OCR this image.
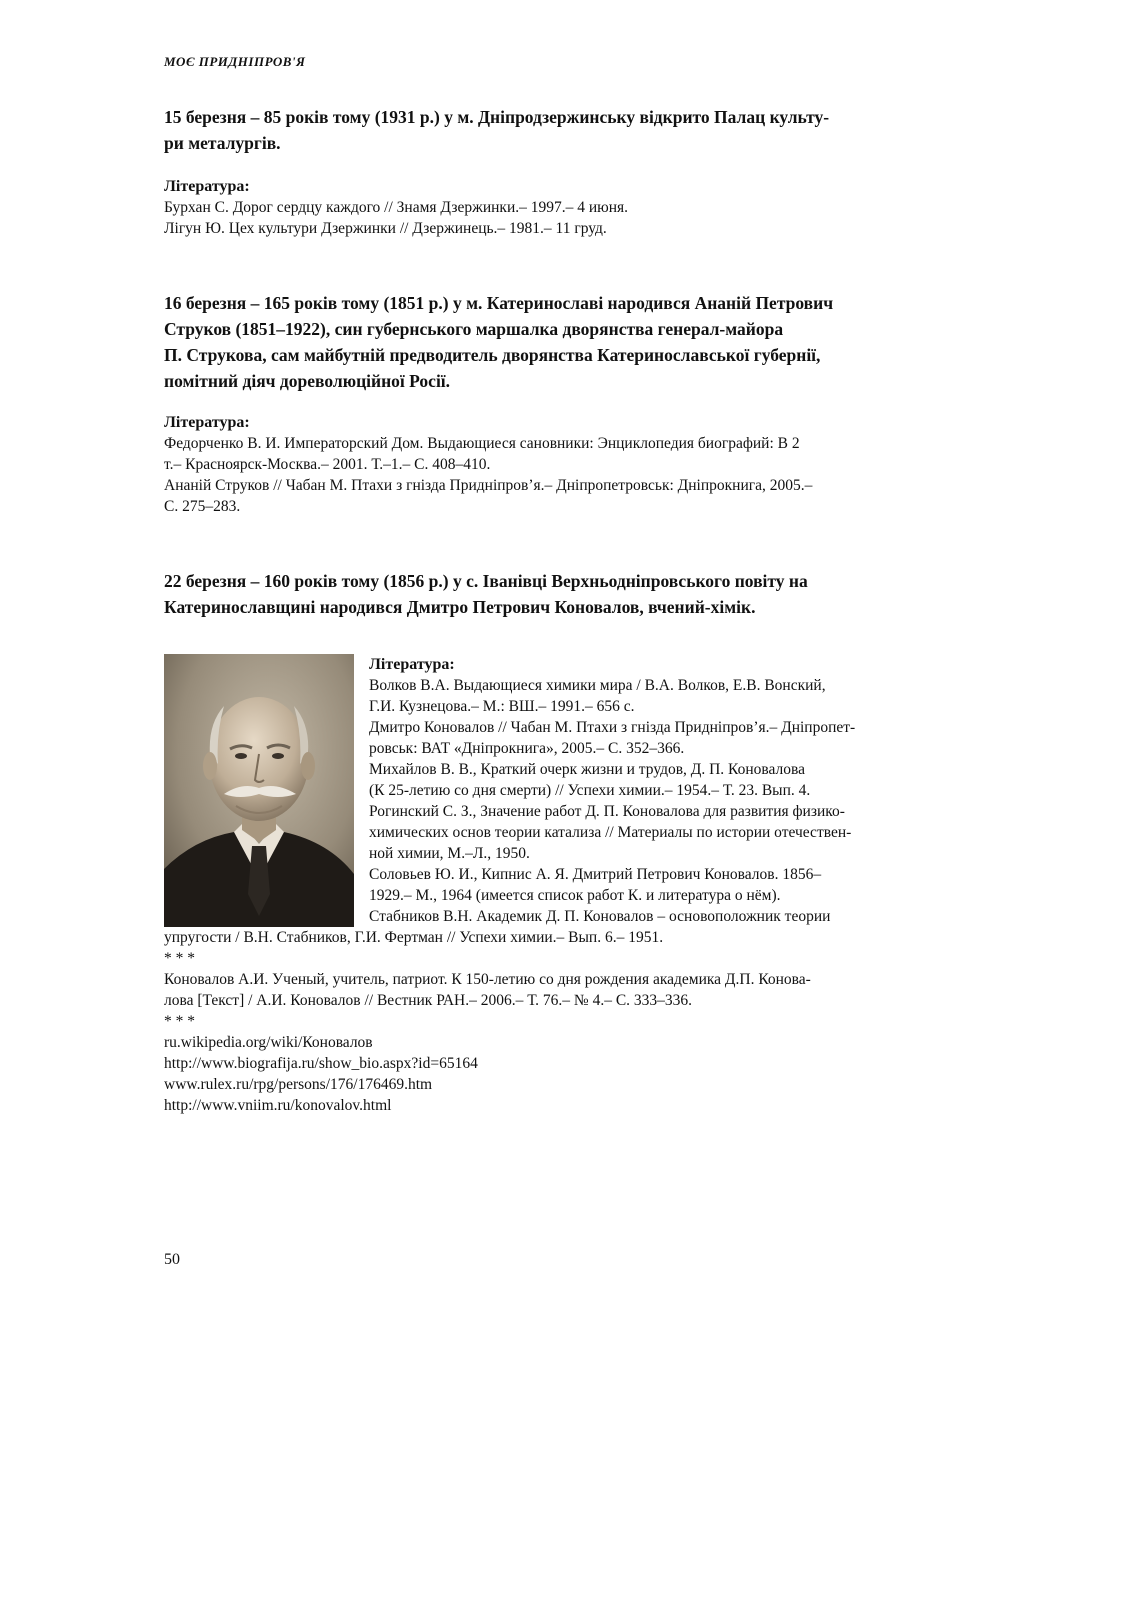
МОЄ ПРИДНІПРОВ'Я
15 березня – 85 років тому (1931 р.) у м. Дніпродзержинську відкрито Палац культу-
ри металургів.
Література:
Бурхан С. Дорог сердцу каждого // Знамя Дзержинки.– 1997.– 4 июня.
Лігун Ю. Цех культури Дзержинки // Дзержинець.– 1981.– 11 груд.
16 березня – 165 років тому (1851 р.) у м. Катеринославі народився Ананій Петрович
Струков (1851–1922), син губернського маршалка дворянства генерал-майора
П. Струкова, сам майбутній предводитель дворянства Катеринославської губернії,
помітний діяч дореволюційної Росії.
Література:
Федорченко В. И. Императорский Дом. Выдающиеся сановники: Энциклопедия биографий: В 2
т.– Красноярск-Москва.– 2001. Т.–1.– С. 408–410.
Ананій Струков // Чабан М. Птахи з гнізда Придніпров’я.– Дніпропетровськ: Дніпрокнига, 2005.–
С. 275–283.
22 березня – 160 років тому (1856 р.) у с. Іванівці Верхньодніпровського повіту на
Катеринославщині народився Дмитро Петрович Коновалов, вчений-хімік.
Література:
Волков В.А. Выдающиеся химики мира / В.А. Волков, Е.В. Вонский,
Г.И. Кузнецова.– М.: ВШ.– 1991.– 656 с.
Дмитро Коновалов // Чабан М. Птахи з гнізда Придніпров’я.– Дніпропет-
ровськ: ВАТ «Дніпрокнига», 2005.– С. 352–366.
Михайлов В. В., Краткий очерк жизни и трудов, Д. П. Коновалова
(К 25-летию со дня смерти) // Успехи химии.– 1954.– Т. 23. Вып. 4.
Рогинский С. З., Значение работ Д. П. Коновалова для развития физико-
химических основ теории катализа // Материалы по истории отечествен-
ной химии, М.–Л., 1950.
Соловьев Ю. И., Кипнис А. Я. Дмитрий Петрович Коновалов. 1856–
1929.– М., 1964 (имеется список работ К. и литература о нём).
Стабников В.Н. Академик Д. П. Коновалов – основоположник теории
упругости / В.Н. Стабников, Г.И. Фертман // Успехи химии.– Вып. 6.– 1951.
* * *
Коновалов А.И. Ученый, учитель, патриот. К 150-летию со дня рождения академика Д.П. Конова-
лова [Текст] / А.И. Коновалов // Вестник РАН.– 2006.– Т. 76.– № 4.– С. 333–336.
* * *
ru.wikipedia.org/wiki/Коновалов
http://www.biografija.ru/show_bio.aspx?id=65164
www.rulex.ru/rpg/persons/176/176469.htm
http://www.vniim.ru/konovalov.html
50
